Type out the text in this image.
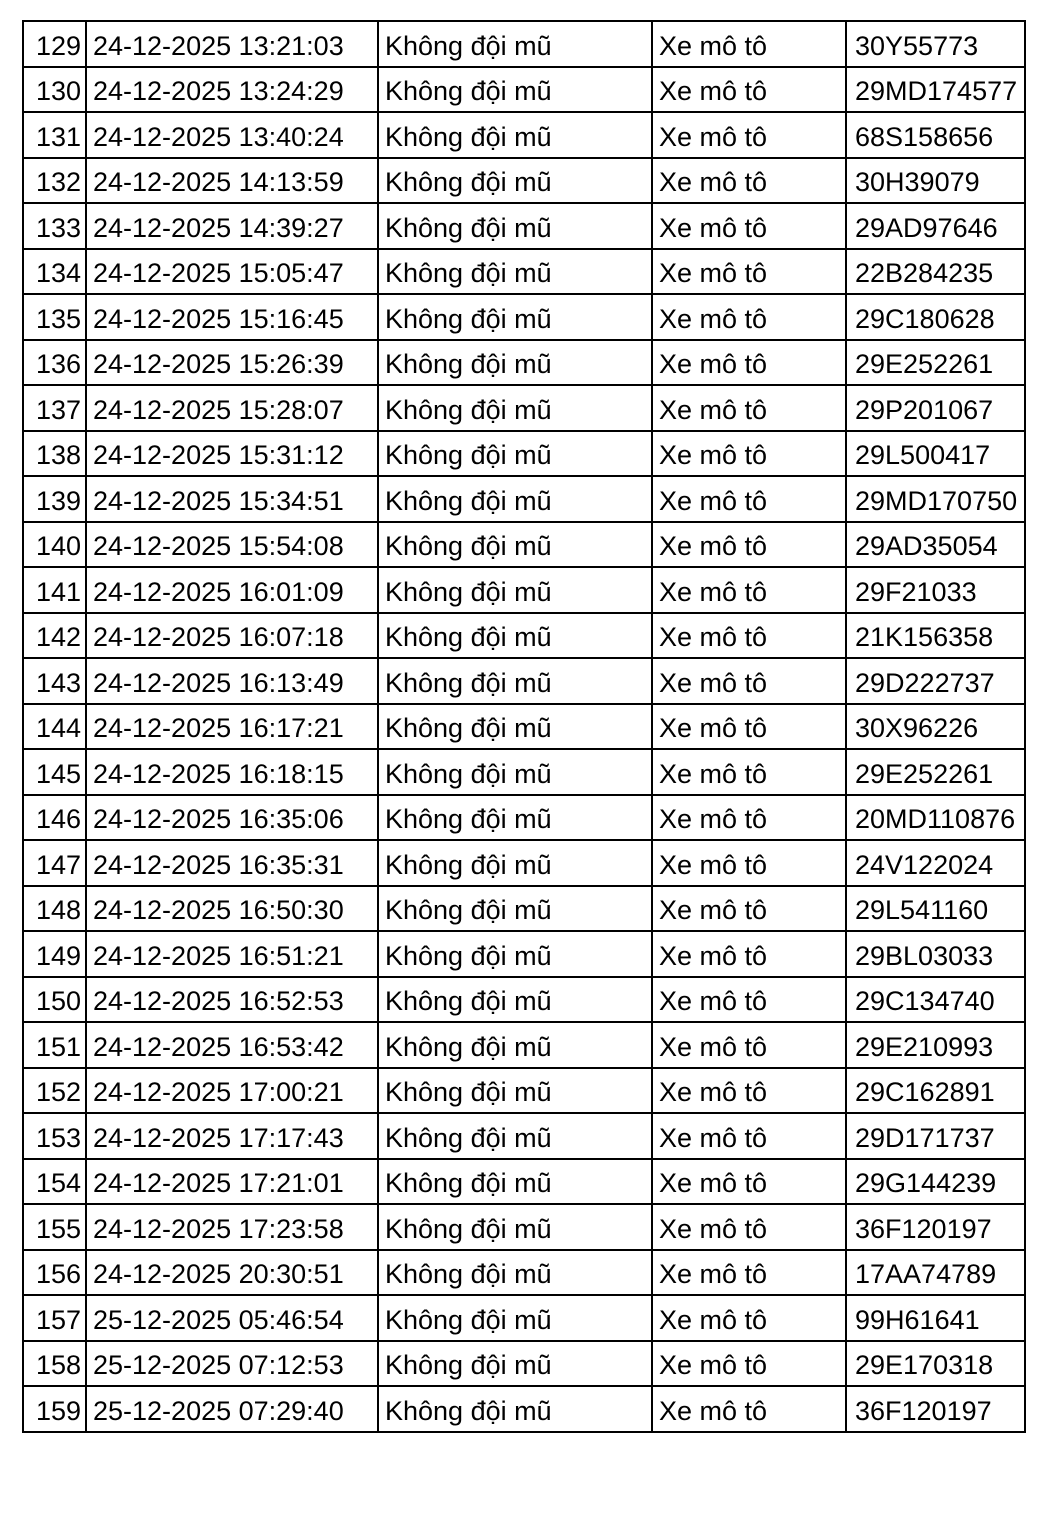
129	24-12-2025 13:21:03	Không đội mũ	Xe mô tô	30Y55773
130	24-12-2025 13:24:29	Không đội mũ	Xe mô tô	29MD174577
131	24-12-2025 13:40:24	Không đội mũ	Xe mô tô	68S158656
132	24-12-2025 14:13:59	Không đội mũ	Xe mô tô	30H39079
133	24-12-2025 14:39:27	Không đội mũ	Xe mô tô	29AD97646
134	24-12-2025 15:05:47	Không đội mũ	Xe mô tô	22B284235
135	24-12-2025 15:16:45	Không đội mũ	Xe mô tô	29C180628
136	24-12-2025 15:26:39	Không đội mũ	Xe mô tô	29E252261
137	24-12-2025 15:28:07	Không đội mũ	Xe mô tô	29P201067
138	24-12-2025 15:31:12	Không đội mũ	Xe mô tô	29L500417
139	24-12-2025 15:34:51	Không đội mũ	Xe mô tô	29MD170750
140	24-12-2025 15:54:08	Không đội mũ	Xe mô tô	29AD35054
141	24-12-2025 16:01:09	Không đội mũ	Xe mô tô	29F21033
142	24-12-2025 16:07:18	Không đội mũ	Xe mô tô	21K156358
143	24-12-2025 16:13:49	Không đội mũ	Xe mô tô	29D222737
144	24-12-2025 16:17:21	Không đội mũ	Xe mô tô	30X96226
145	24-12-2025 16:18:15	Không đội mũ	Xe mô tô	29E252261
146	24-12-2025 16:35:06	Không đội mũ	Xe mô tô	20MD110876
147	24-12-2025 16:35:31	Không đội mũ	Xe mô tô	24V122024
148	24-12-2025 16:50:30	Không đội mũ	Xe mô tô	29L541160
149	24-12-2025 16:51:21	Không đội mũ	Xe mô tô	29BL03033
150	24-12-2025 16:52:53	Không đội mũ	Xe mô tô	29C134740
151	24-12-2025 16:53:42	Không đội mũ	Xe mô tô	29E210993
152	24-12-2025 17:00:21	Không đội mũ	Xe mô tô	29C162891
153	24-12-2025 17:17:43	Không đội mũ	Xe mô tô	29D171737
154	24-12-2025 17:21:01	Không đội mũ	Xe mô tô	29G144239
155	24-12-2025 17:23:58	Không đội mũ	Xe mô tô	36F120197
156	24-12-2025 20:30:51	Không đội mũ	Xe mô tô	17AA74789
157	25-12-2025 05:46:54	Không đội mũ	Xe mô tô	99H61641
158	25-12-2025 07:12:53	Không đội mũ	Xe mô tô	29E170318
159	25-12-2025 07:29:40	Không đội mũ	Xe mô tô	36F120197
